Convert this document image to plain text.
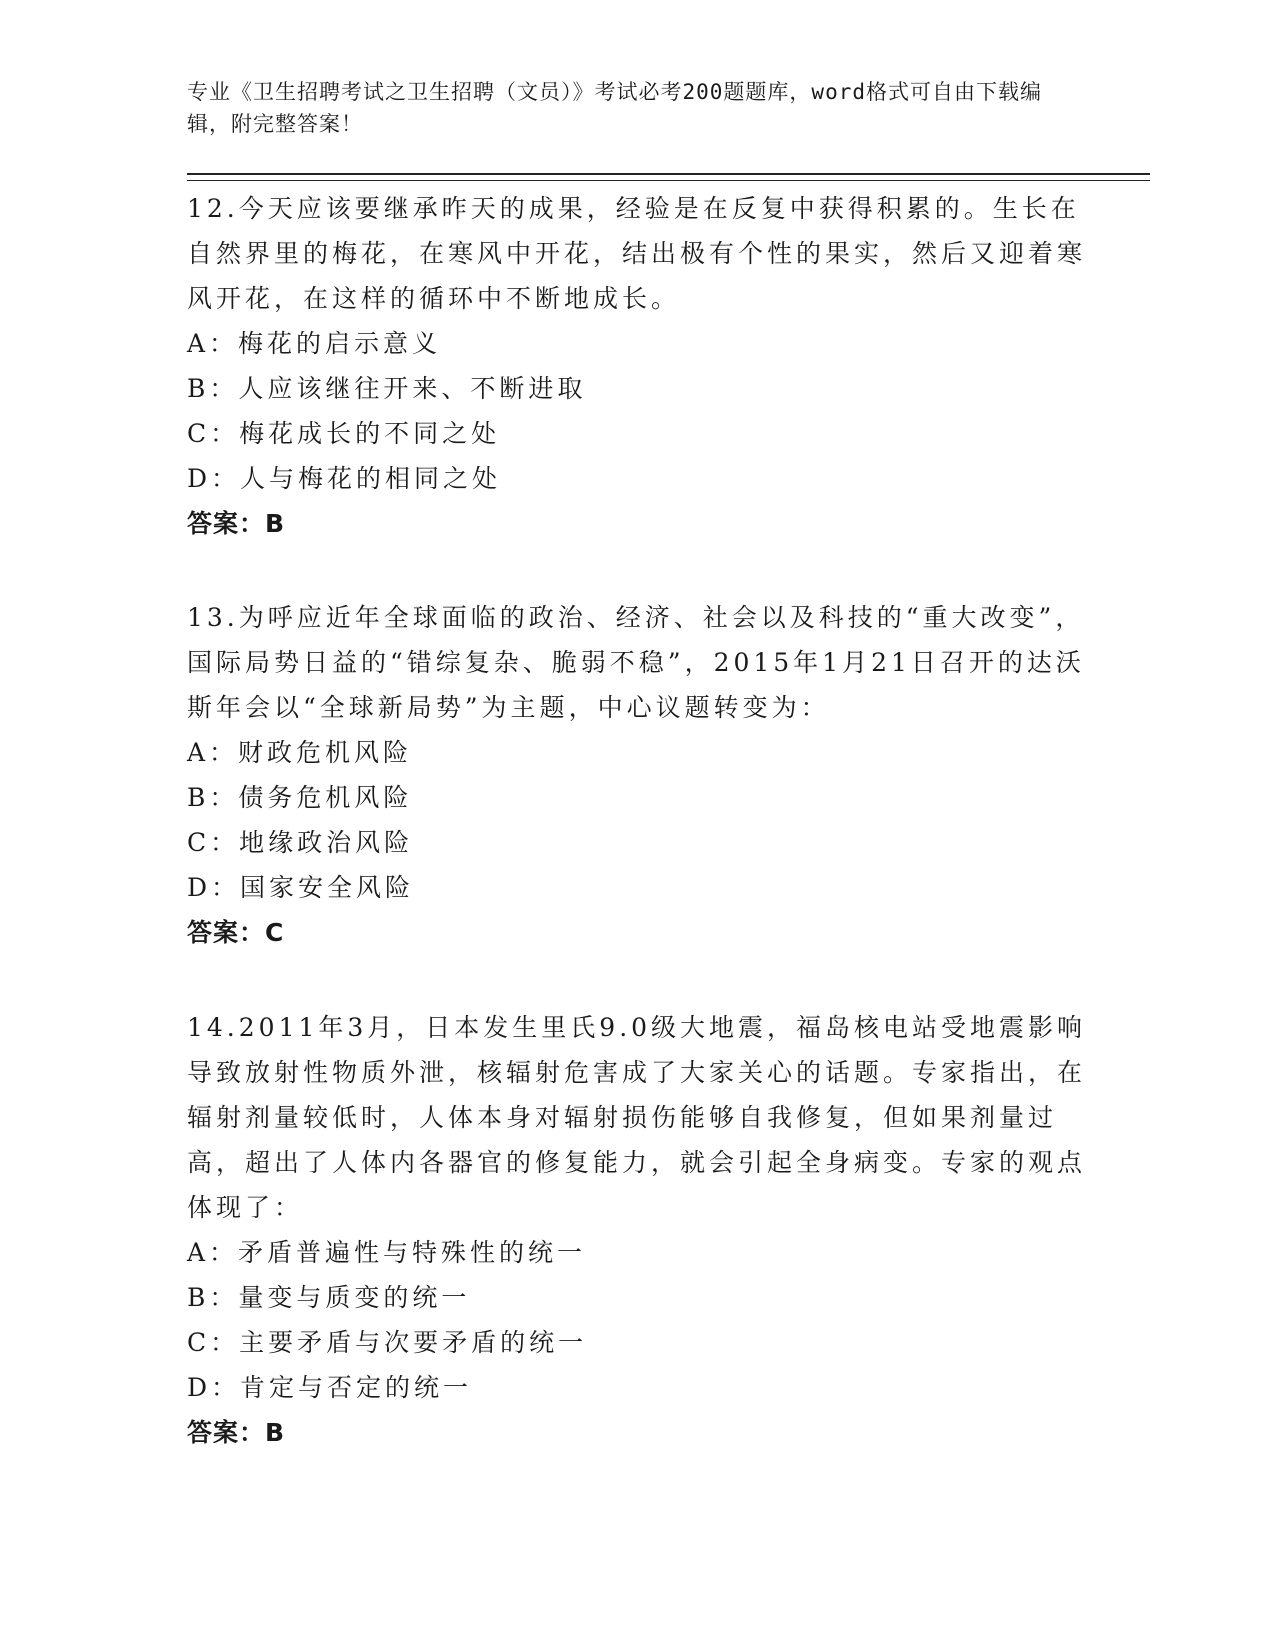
专业《卫生招聘考试之卫生招聘（文员）》考试必考200题题库，word格式可自由下载编辑，附完整答案！
12.今天应该要继承昨天的成果，经验是在反复中获得积累的。生长在自然界里的梅花，在寒风中开花，结出极有个性的果实，然后又迎着寒风开花，在这样的循环中不断地成长。
A：梅花的启示意义
B：人应该继往开来、不断进取
C：梅花成长的不同之处
D：人与梅花的相同之处
答案：B
13.为呼应近年全球面临的政治、经济、社会以及科技的“重大改变”，国际局势日益的“错综复杂、脆弱不稳”，2015年1月21日召开的达沃斯年会以“全球新局势”为主题，中心议题转变为：
A：财政危机风险
B：债务危机风险
C：地缘政治风险
D：国家安全风险
答案：C
14.2011年3月，日本发生里氏9.0级大地震，福岛核电站受地震影响导致放射性物质外泄，核辐射危害成了大家关心的话题。专家指出，在辐射剂量较低时，人体本身对辐射损伤能够自我修复，但如果剂量过高，超出了人体内各器官的修复能力，就会引起全身病变。专家的观点体现了：
A：矛盾普遍性与特殊性的统一
B：量变与质变的统一
C：主要矛盾与次要矛盾的统一
D：肯定与否定的统一
答案：B
